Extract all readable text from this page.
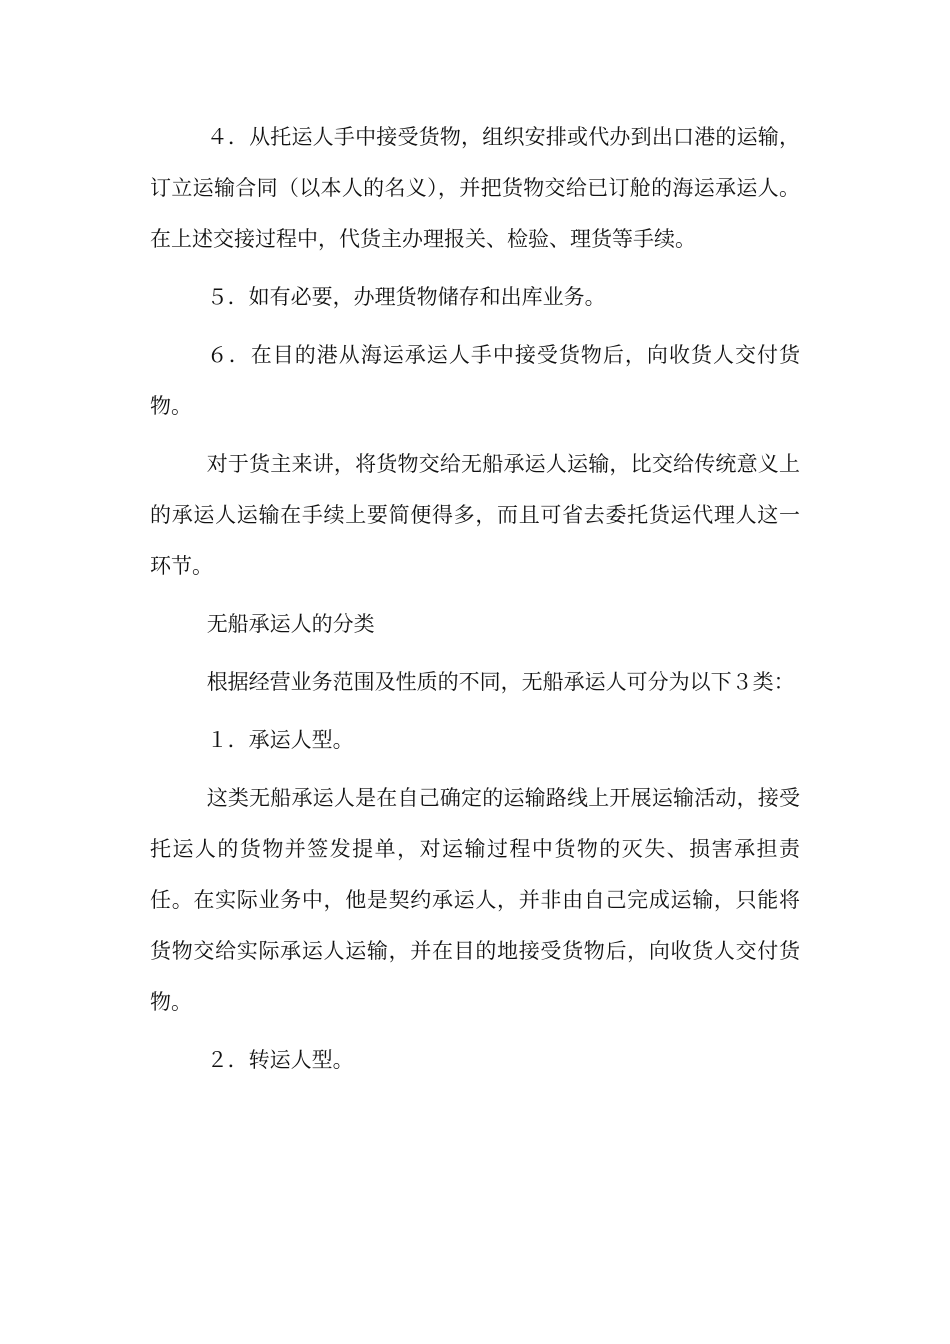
４．从托运人手中接受货物，组织安排或代办到出口港的运输，订立运输合同（以本人的名义），并把货物交给已订舱的海运承运人。在上述交接过程中，代货主办理报关、检验、理货等手续。

５．如有必要，办理货物储存和出库业务。

６．在目的港从海运承运人手中接受货物后，向收货人交付货物。

对于货主来讲，将货物交给无船承运人运输，比交给传统意义上的承运人运输在手续上要简便得多，而且可省去委托货运代理人这一环节。

无船承运人的分类

根据经营业务范围及性质的不同，无船承运人可分为以下３类：

１．承运人型。

这类无船承运人是在自己确定的运输路线上开展运输活动，接受托运人的货物并签发提单，对运输过程中货物的灭失、损害承担责任。在实际业务中，他是契约承运人，并非由自己完成运输，只能将货物交给实际承运人运输，并在目的地接受货物后，向收货人交付货物。

２．转运人型。
